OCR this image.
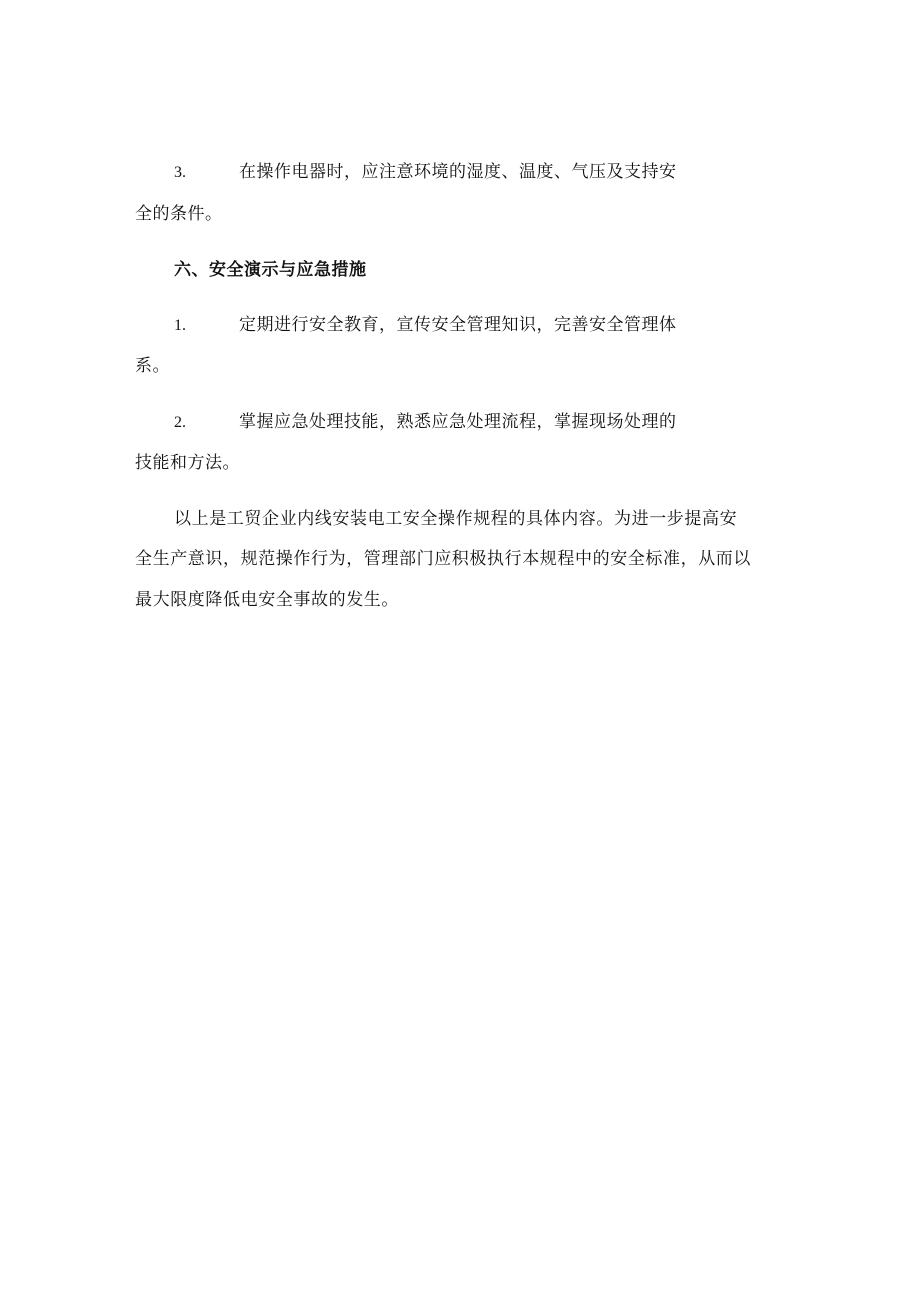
3.	在操作电器时，应注意环境的湿度、温度、气压及支持安
全的条件。
六、安全演示与应急措施
1.	定期进行安全教育，宣传安全管理知识，完善安全管理体
系。
2.	掌握应急处理技能，熟悉应急处理流程，掌握现场处理的
技能和方法。
以上是工贸企业内线安装电工安全操作规程的具体内容。为进一步提高安
全生产意识，规范操作行为，管理部门应积极执行本规程中的安全标准，从而以
最大限度降低电安全事故的发生。
